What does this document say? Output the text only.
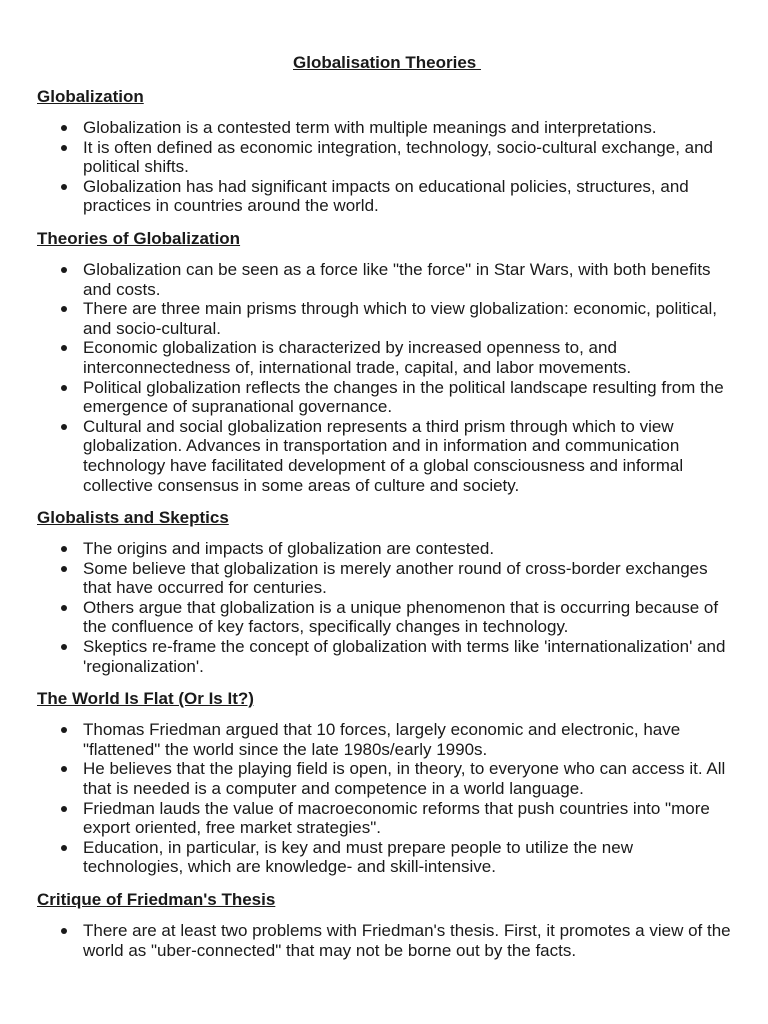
Globalisation Theories
Globalization
Globalization is a contested term with multiple meanings and interpretations.
It is often defined as economic integration, technology, socio-cultural exchange, and political shifts.
Globalization has had significant impacts on educational policies, structures, and practices in countries around the world.
Theories of Globalization
Globalization can be seen as a force like "the force" in Star Wars, with both benefits and costs.
There are three main prisms through which to view globalization: economic, political, and socio-cultural.
Economic globalization is characterized by increased openness to, and interconnectedness of, international trade, capital, and labor movements.
Political globalization reflects the changes in the political landscape resulting from the emergence of supranational governance.
Cultural and social globalization represents a third prism through which to view globalization. Advances in transportation and in information and communication technology have facilitated development of a global consciousness and informal collective consensus in some areas of culture and society.
Globalists and Skeptics
The origins and impacts of globalization are contested.
Some believe that globalization is merely another round of cross-border exchanges that have occurred for centuries.
Others argue that globalization is a unique phenomenon that is occurring because of the confluence of key factors, specifically changes in technology.
Skeptics re-frame the concept of globalization with terms like 'internationalization' and 'regionalization'.
The World Is Flat (Or Is It?)
Thomas Friedman argued that 10 forces, largely economic and electronic, have "flattened" the world since the late 1980s/early 1990s.
He believes that the playing field is open, in theory, to everyone who can access it. All that is needed is a computer and competence in a world language.
Friedman lauds the value of macroeconomic reforms that push countries into "more export oriented, free market strategies".
Education, in particular, is key and must prepare people to utilize the new technologies, which are knowledge- and skill-intensive.
Critique of Friedman's Thesis
There are at least two problems with Friedman's thesis. First, it promotes a view of the world as "uber-connected" that may not be borne out by the facts.
